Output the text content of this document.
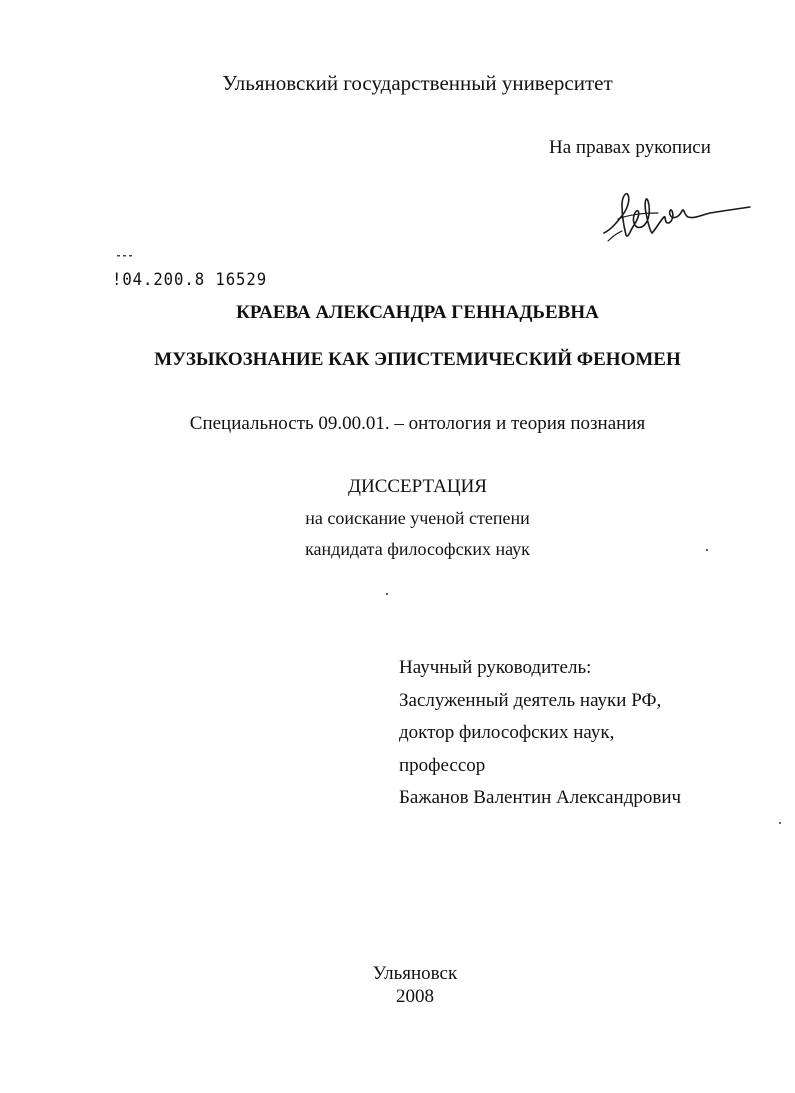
Ульяновский государственный университет
На правах рукописи
!04.200.8 16529
КРАЕВА АЛЕКСАНДРА ГЕННАДЬЕВНА
МУЗЫКОЗНАНИЕ КАК ЭПИСТЕМИЧЕСКИЙ ФЕНОМЕН
Специальность 09.00.01. – онтология и теория познания
ДИССЕРТАЦИЯ
на соискание ученой степени
кандидата философских наук
Научный руководитель:
Заслуженный деятель науки РФ,
доктор философских наук,
профессор
Бажанов Валентин Александрович
Ульяновск
2008
